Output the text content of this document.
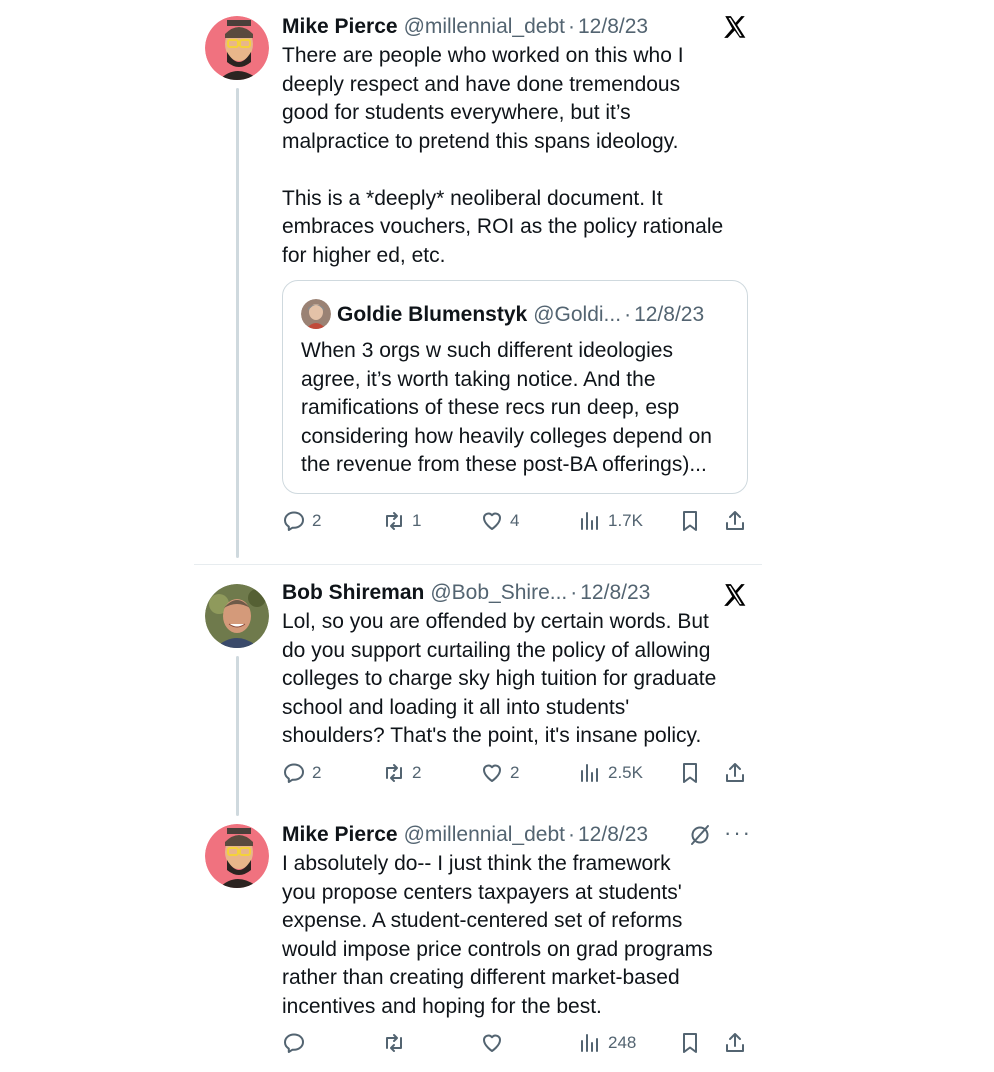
Mike Pierce @millennial_debt · 12/8/23
There are people who worked on this who I
deeply respect and have done tremendous
good for students everywhere, but it’s
malpractice to pretend this spans ideology.

This is a *deeply* neoliberal document. It
embraces vouchers, ROI as the policy rationale
for higher ed, etc.
Goldie Blumenstyk @Goldi... · 12/8/23
When 3 orgs w such different ideologies
agree, it’s worth taking notice. And the
ramifications of these recs run deep, esp
considering how heavily colleges depend on
the revenue from these post-BA offerings)...
2	1	4	1.7K
Bob Shireman @Bob_Shire... · 12/8/23
Lol, so you are offended by certain words. But
do you support curtailing the policy of allowing
colleges to charge sky high tuition for graduate
school and loading it all into students'
shoulders? That's the point, it's insane policy.
2	2	2	2.5K
Mike Pierce @millennial_debt · 12/8/23	···
I absolutely do-- I just think the framework
you propose centers taxpayers at students'
expense. A student-centered set of reforms
would impose price controls on grad programs
rather than creating different market-based
incentives and hoping for the best.
248
